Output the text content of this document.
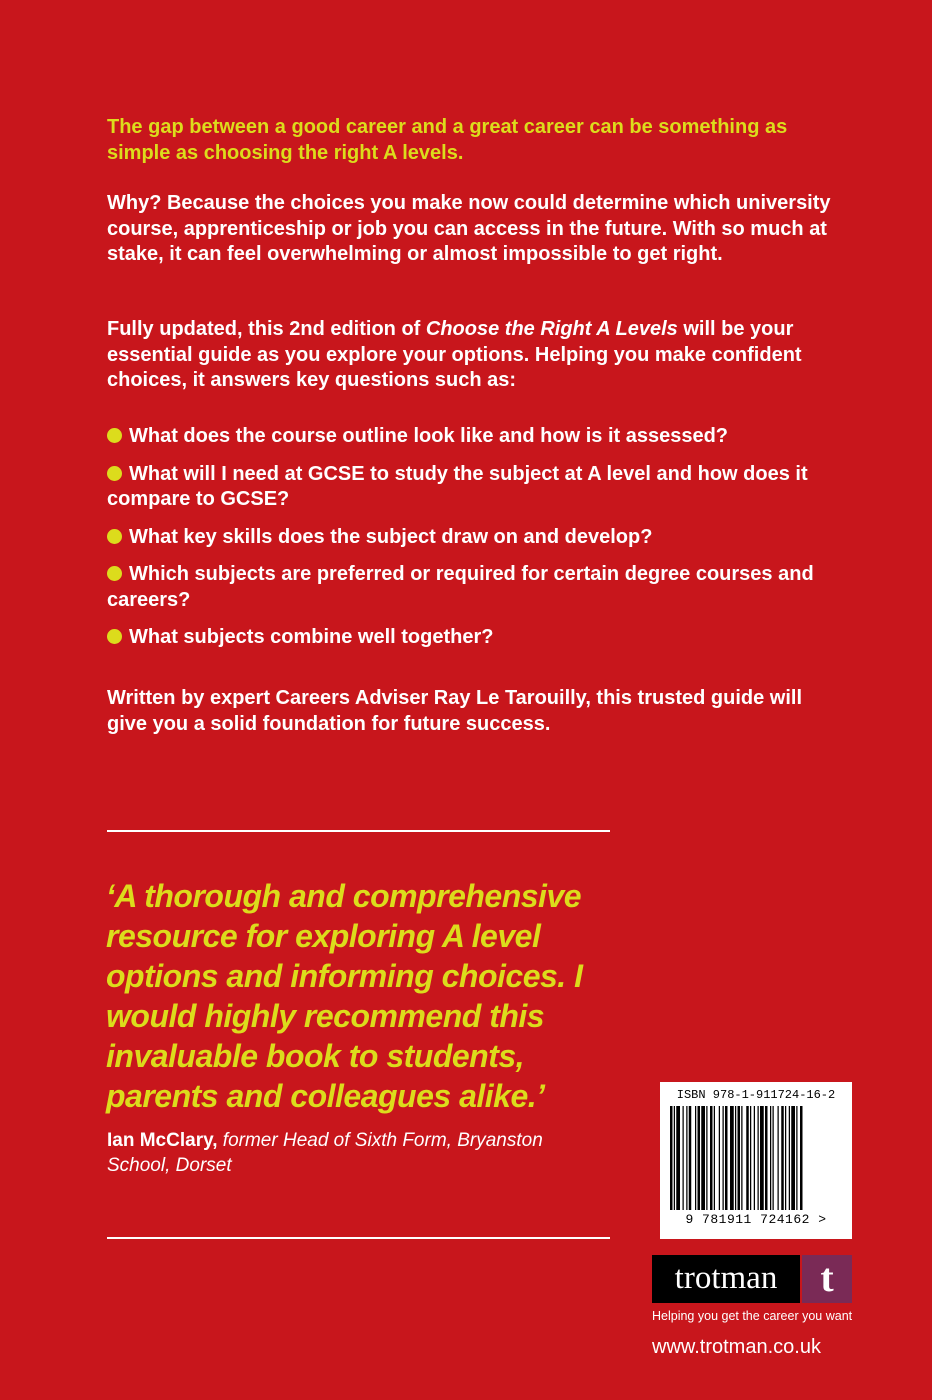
The gap between a good career and a great career can be something as simple as choosing the right A levels.

Why? Because the choices you make now could determine which university course, apprenticeship or job you can access in the future. With so much at stake, it can feel overwhelming or almost impossible to get right.

Fully updated, this 2nd edition of Choose the Right A Levels will be your essential guide as you explore your options. Helping you make confident choices, it answers key questions such as:

What does the course outline look like and how is it assessed?
What will I need at GCSE to study the subject at A level and how does it compare to GCSE?
What key skills does the subject draw on and develop?
Which subjects are preferred or required for certain degree courses and careers?
What subjects combine well together?

Written by expert Careers Adviser Ray Le Tarouilly, this trusted guide will give you a solid foundation for future success.

‘A thorough and comprehensive resource for exploring A level options and informing choices. I would highly recommend this invaluable book to students, parents and colleagues alike.’

Ian McClary, former Head of Sixth Form, Bryanston School, Dorset

ISBN 978-1-911724-16-2
9 781911 724162 >
trotman	t

Helping you get the career you want

www.trotman.co.uk
